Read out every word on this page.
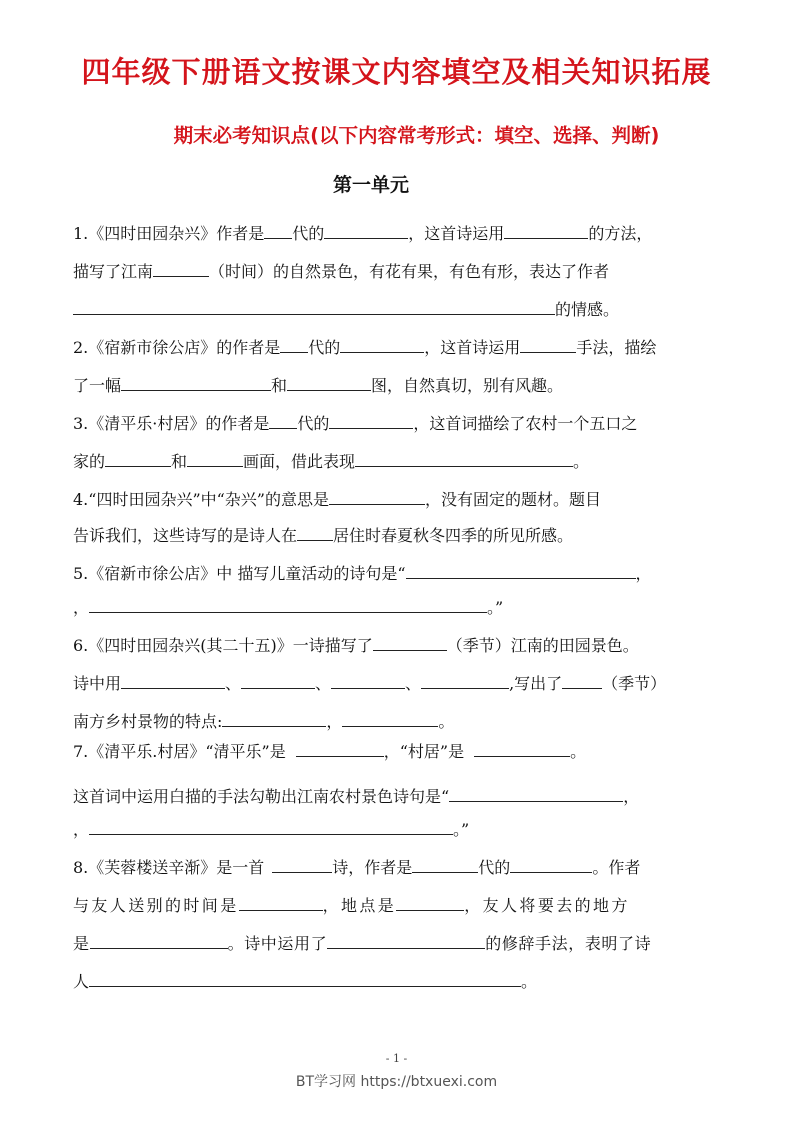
四年级下册语文按课文内容填空及相关知识拓展
期末必考知识点(以下内容常考形式：填空、选择、判断)
第一单元
1.《四时田园杂兴》作者是 代的	，这首诗运用	的方法，
描写了江南	（时间）的自然景色，有花有果，有色有形，表达了作者
的情感。
2.《宿新市徐公店》的作者是 代的	，这首诗运用	手法，描绘
了一幅	和	图，自然真切，别有风趣。
3.《清平乐·村居》的作者是 代的	，这首词描绘了农村一个五口之
家的	和	画面，借此表现	。
4.“四时田园杂兴”中“杂兴”的意思是	，没有固定的题材。题目
告诉我们，这些诗写的是诗人在 居住时春夏秋冬四季的所见所感。
5.《宿新市徐公店》中 描写儿童活动的诗句是“	，
，	。”
6.《四时田园杂兴(其二十五)》一诗描写了	（季节）江南的田园景色。
诗中用	、	、	、	,写出了	（季节）
南方乡村景物的特点:	，	。
7.《清平乐.村居》“清平乐”是	，“村居”是	。
这首词中运用白描的手法勾勒出江南农村景色诗句是“	，
，	。”
8.《芙蓉楼送辛渐》是一首	诗，作者是	代的	。作者
与友人送别的时间是	，地点是	，友人将要去的地方
是	。诗中运用了	的修辞手法，表明了诗
人	。
- 1 -
BT学习网 https://btxuexi.com
